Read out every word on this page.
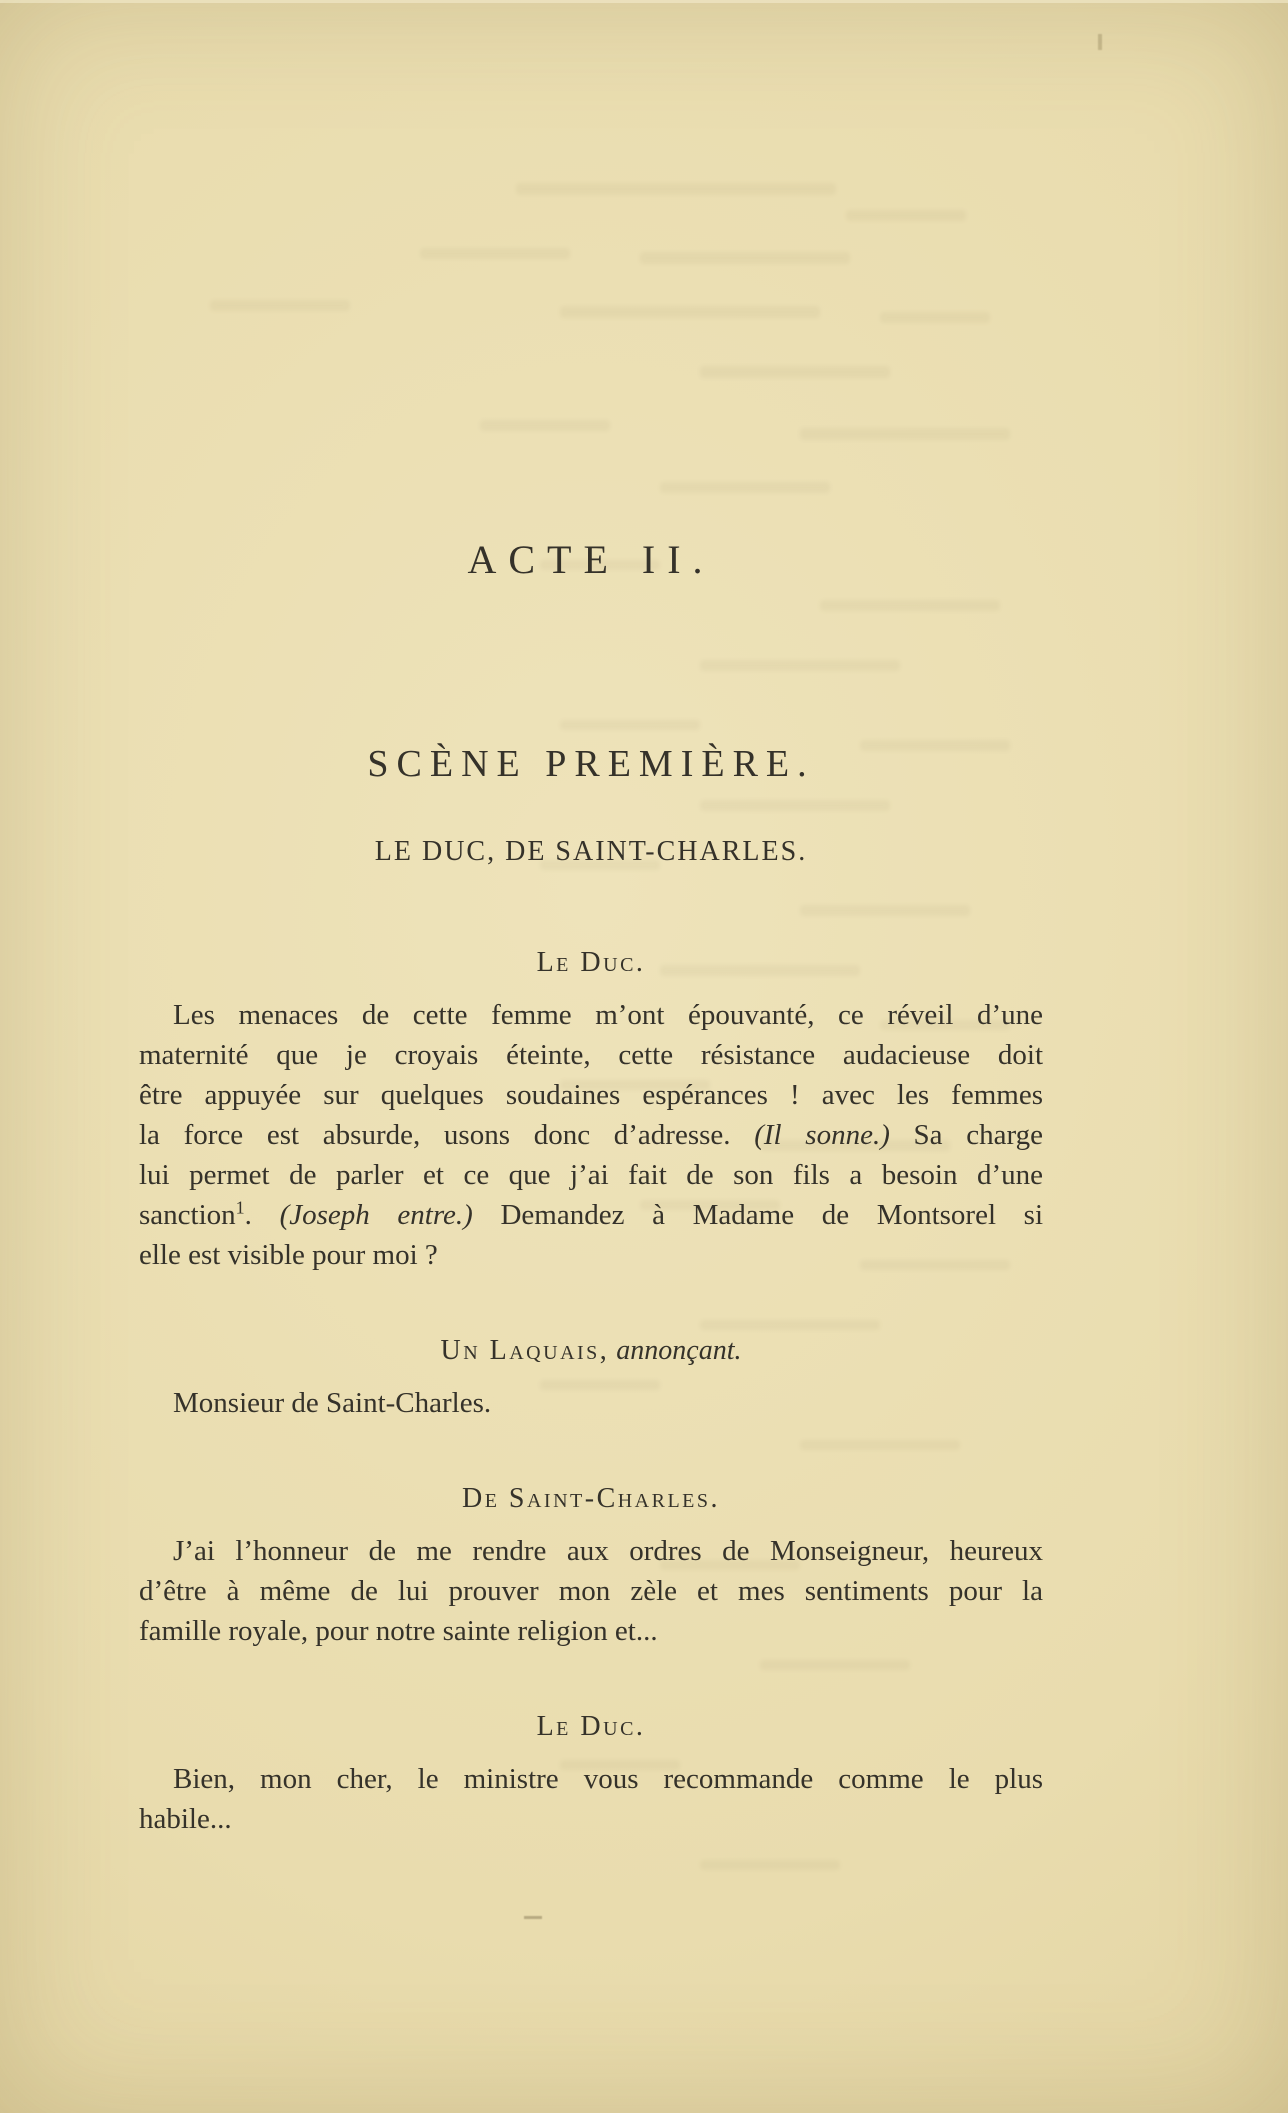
ACTE II.
SCÈNE PREMIÈRE.
LE DUC, DE SAINT-CHARLES.
Le Duc.
Les menaces de cette femme m’ont épouvanté, ce réveil d’une
maternité que je croyais éteinte, cette résistance audacieuse doit
être appuyée sur quelques soudaines espérances ! avec les femmes
la force est absurde, usons donc d’adresse. (Il sonne.) Sa charge
lui permet de parler et ce que j’ai fait de son fils a besoin d’une
sanction$^1$. (Joseph entre.) Demandez à Madame de Montsorel si
elle est visible pour moi ?
Un Laquais, annonçant.
Monsieur de Saint-Charles.
De Saint-Charles.
J’ai l’honneur de me rendre aux ordres de Monseigneur, heureux
d’être à même de lui prouver mon zèle et mes sentiments pour la
famille royale, pour notre sainte religion et...
Le Duc.
Bien, mon cher, le ministre vous recommande comme le plus
habile...
